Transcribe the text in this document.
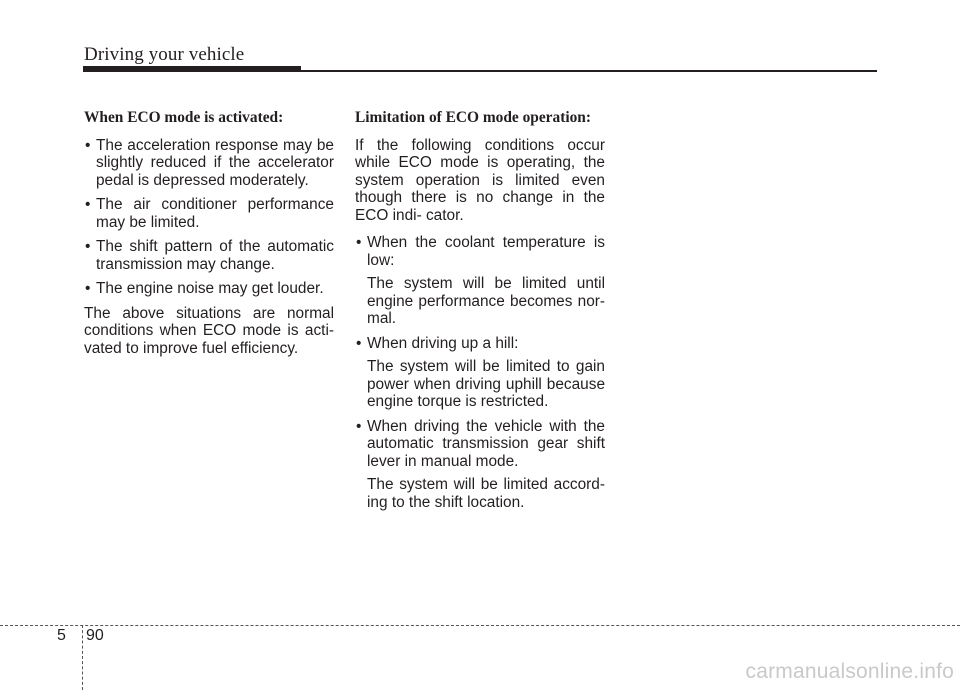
Driving your vehicle
When ECO mode is activated:
• The acceleration response may be slightly reduced if the accelerator pedal is depressed moderately.
• The air conditioner performance may be limited.
• The shift pattern of the automatic transmission may change.
• The engine noise may get louder.

The above situations are normal conditions when ECO mode is acti- vated to improve fuel efficiency.

Limitation of ECO mode operation:

If the following conditions occur while ECO mode is operating, the system operation is limited even though there is no change in the ECO indi- cator.

• When the coolant temperature is low:
The system will be limited until engine performance becomes nor- mal.
• When driving up a hill:
The system will be limited to gain power when driving uphill because engine torque is restricted.
• When driving the vehicle with the automatic transmission gear shift lever in manual mode.
The system will be limited accord- ing to the shift location.
5 90
carmanualsonline.info
